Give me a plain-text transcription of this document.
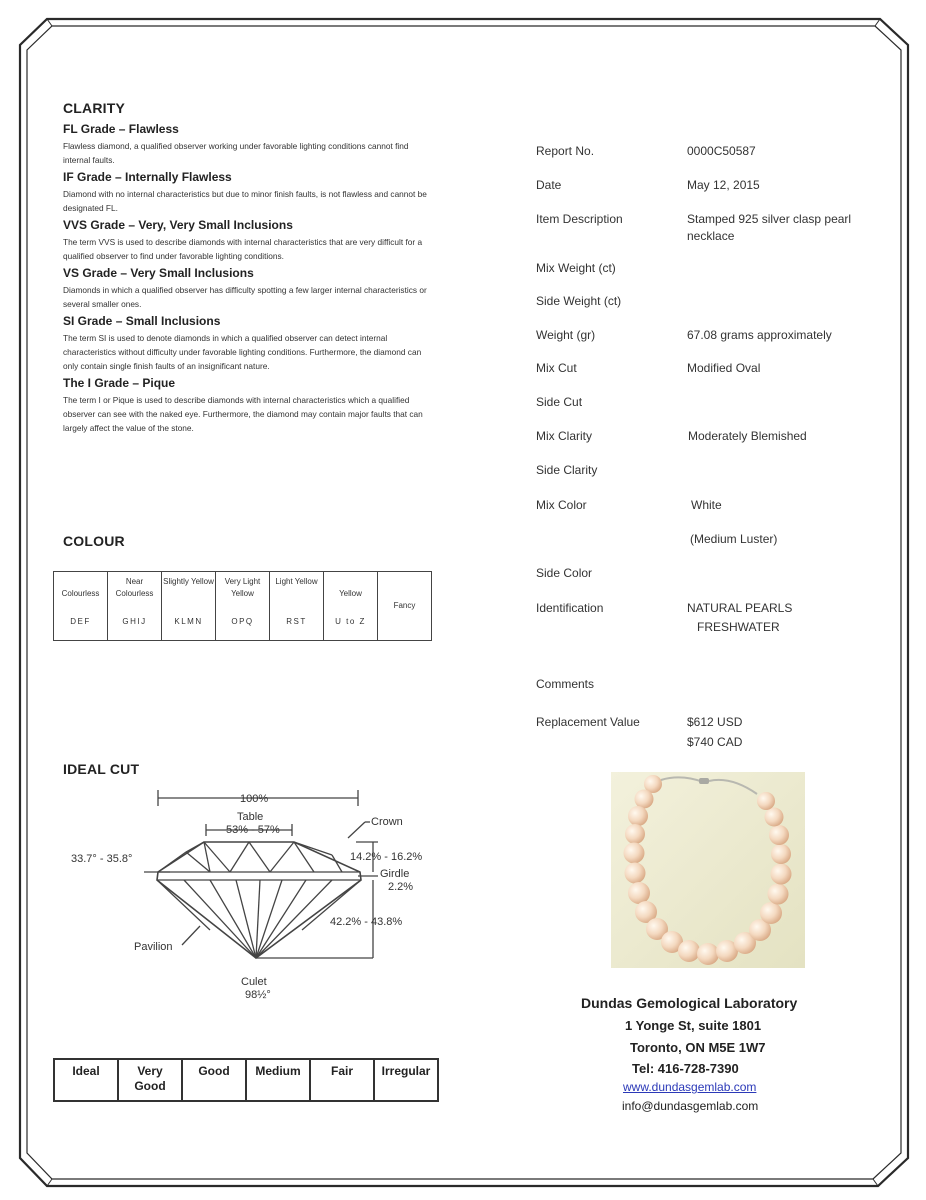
CLARITY
FL Grade – Flawless
Flawless diamond, a qualified observer working under favorable lighting conditions cannot find internal faults.
IF Grade – Internally Flawless
Diamond with no internal characteristics but due to minor finish faults, is not flawless and cannot be designated FL.
VVS Grade – Very, Very Small Inclusions
The term VVS is used to describe diamonds with internal characteristics that are very difficult for a qualified observer to find under favorable lighting conditions.
VS Grade – Very Small Inclusions
Diamonds in which a qualified observer has difficulty spotting a few larger internal characteristics or several smaller ones.
SI Grade – Small Inclusions
The term SI is used to denote diamonds in which a qualified observer can detect internal characteristics without difficulty under favorable lighting conditions. Furthermore, the diamond can only contain single finish faults of an insignificant nature.
The I Grade – Pique
The term I or Pique is used to describe diamonds with internal characteristics which a qualified observer can see with the naked eye. Furthermore, the diamond may contain major faults that can largely affect the value of the stone.
COLOUR
Colourless
DEF

Near Colourless
GHIJ

Slightly Yellow
KLMN

Very Light Yellow
OPQ

Light Yellow
RST

Yellow
U to Z
	Fancy
IDEAL CUT
100%
Table
53% - 57%
Crown
33.7° - 35.8°	14.2% - 16.2%
Girdle
2.2%
42.2% - 43.8%
Pavilion
Culet
98½°
Ideal	Very Good	Good	Medium	Fair	Irregular
Report No.	0000C50587
Date	May 12, 2015
Item Description	Stamped 925 silver clasp pearl necklace
Mix Weight (ct)
Side Weight (ct)
Weight (gr)	67.08 grams approximately
Mix Cut	Modified Oval
Side Cut
Mix Clarity	Moderately Blemished
Side Clarity
Mix Color	White
(Medium Luster)
Side Color
Identification	NATURAL PEARLS
FRESHWATER
Comments
Replacement Value	$612 USD
$740 CAD
Dundas Gemological Laboratory
1 Yonge St, suite 1801
Toronto, ON M5E 1W7
Tel: 416-728-7390
www.dundasgemlab.com
info@dundasgemlab.com
